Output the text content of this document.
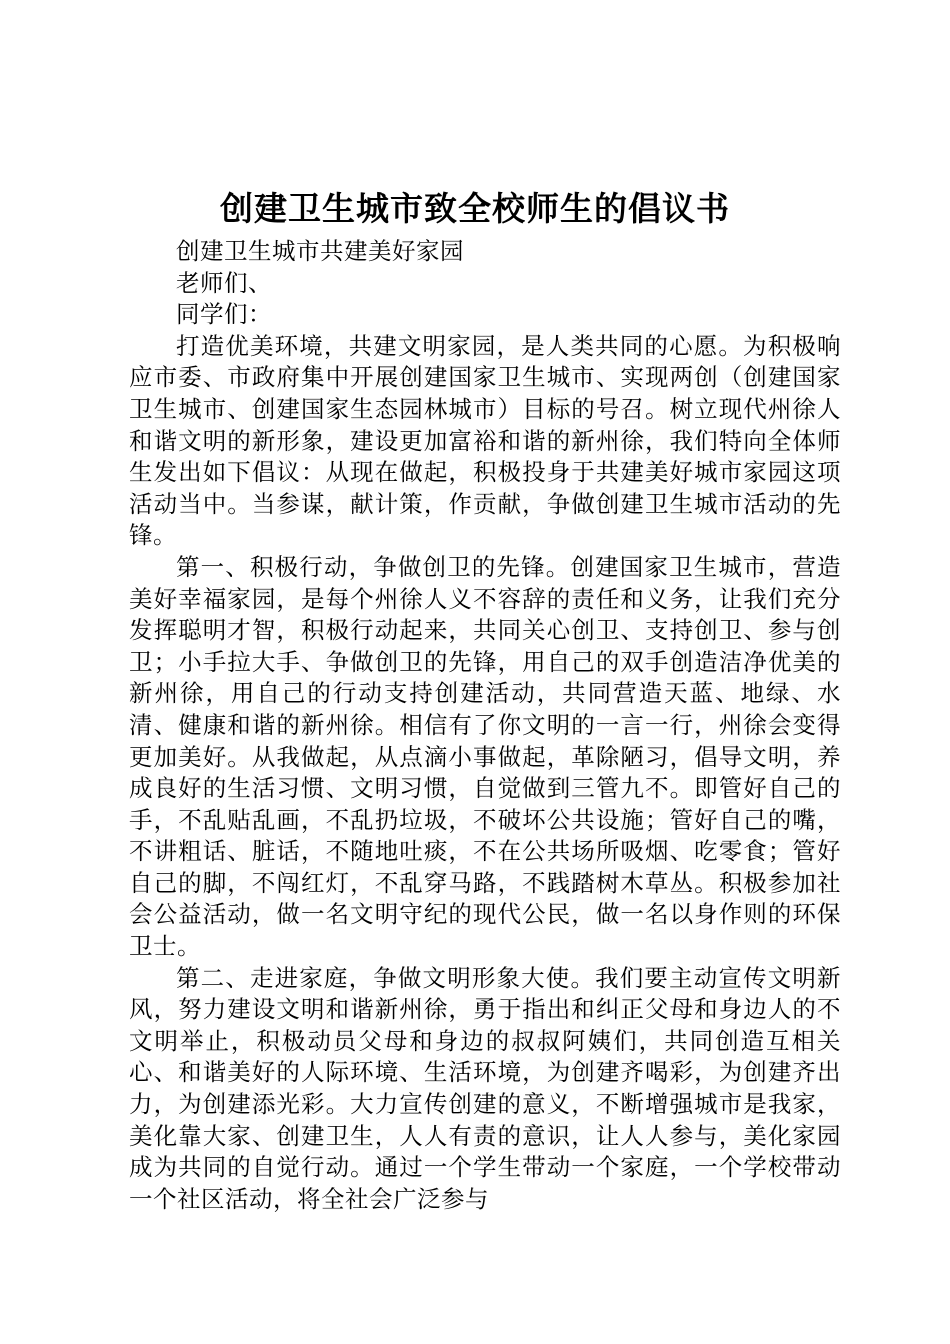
创建卫生城市致全校师生的倡议书

创建卫生城市共建美好家园

老师们、

同学们：

打造优美环境，共建文明家园，是人类共同的心愿。为积极响应市委、市政府集中开展创建国家卫生城市、实现两创（创建国家卫生城市、创建国家生态园林城市）目标的号召。树立现代州徐人和谐文明的新形象，建设更加富裕和谐的新州徐，我们特向全体师生发出如下倡议：从现在做起，积极投身于共建美好城市家园这项活动当中。当参谋，献计策，作贡献，争做创建卫生城市活动的先锋。

第一、积极行动，争做创卫的先锋。创建国家卫生城市，营造美好幸福家园，是每个州徐人义不容辞的责任和义务，让我们充分发挥聪明才智，积极行动起来，共同关心创卫、支持创卫、参与创卫；小手拉大手、争做创卫的先锋，用自己的双手创造洁净优美的新州徐，用自己的行动支持创建活动，共同营造天蓝、地绿、水清、健康和谐的新州徐。相信有了你文明的一言一行，州徐会变得更加美好。从我做起，从点滴小事做起，革除陋习，倡导文明，养成良好的生活习惯、文明习惯，自觉做到三管九不。即管好自己的手，不乱贴乱画，不乱扔垃圾，不破坏公共设施；管好自己的嘴，不讲粗话、脏话，不随地吐痰，不在公共场所吸烟、吃零食；管好自己的脚，不闯红灯，不乱穿马路，不践踏树木草丛。积极参加社会公益活动，做一名文明守纪的现代公民，做一名以身作则的环保卫士。

第二、走进家庭，争做文明形象大使。我们要主动宣传文明新风，努力建设文明和谐新州徐，勇于指出和纠正父母和身边人的不文明举止，积极动员父母和身边的叔叔阿姨们，共同创造互相关心、和谐美好的人际环境、生活环境，为创建齐喝彩，为创建齐出力，为创建添光彩。大力宣传创建的意义，不断增强城市是我家，美化靠大家、创建卫生，人人有责的意识，让人人参与，美化家园成为共同的自觉行动。通过一个学生带动一个家庭，一个学校带动一个社区活动，将全社会广泛参与
